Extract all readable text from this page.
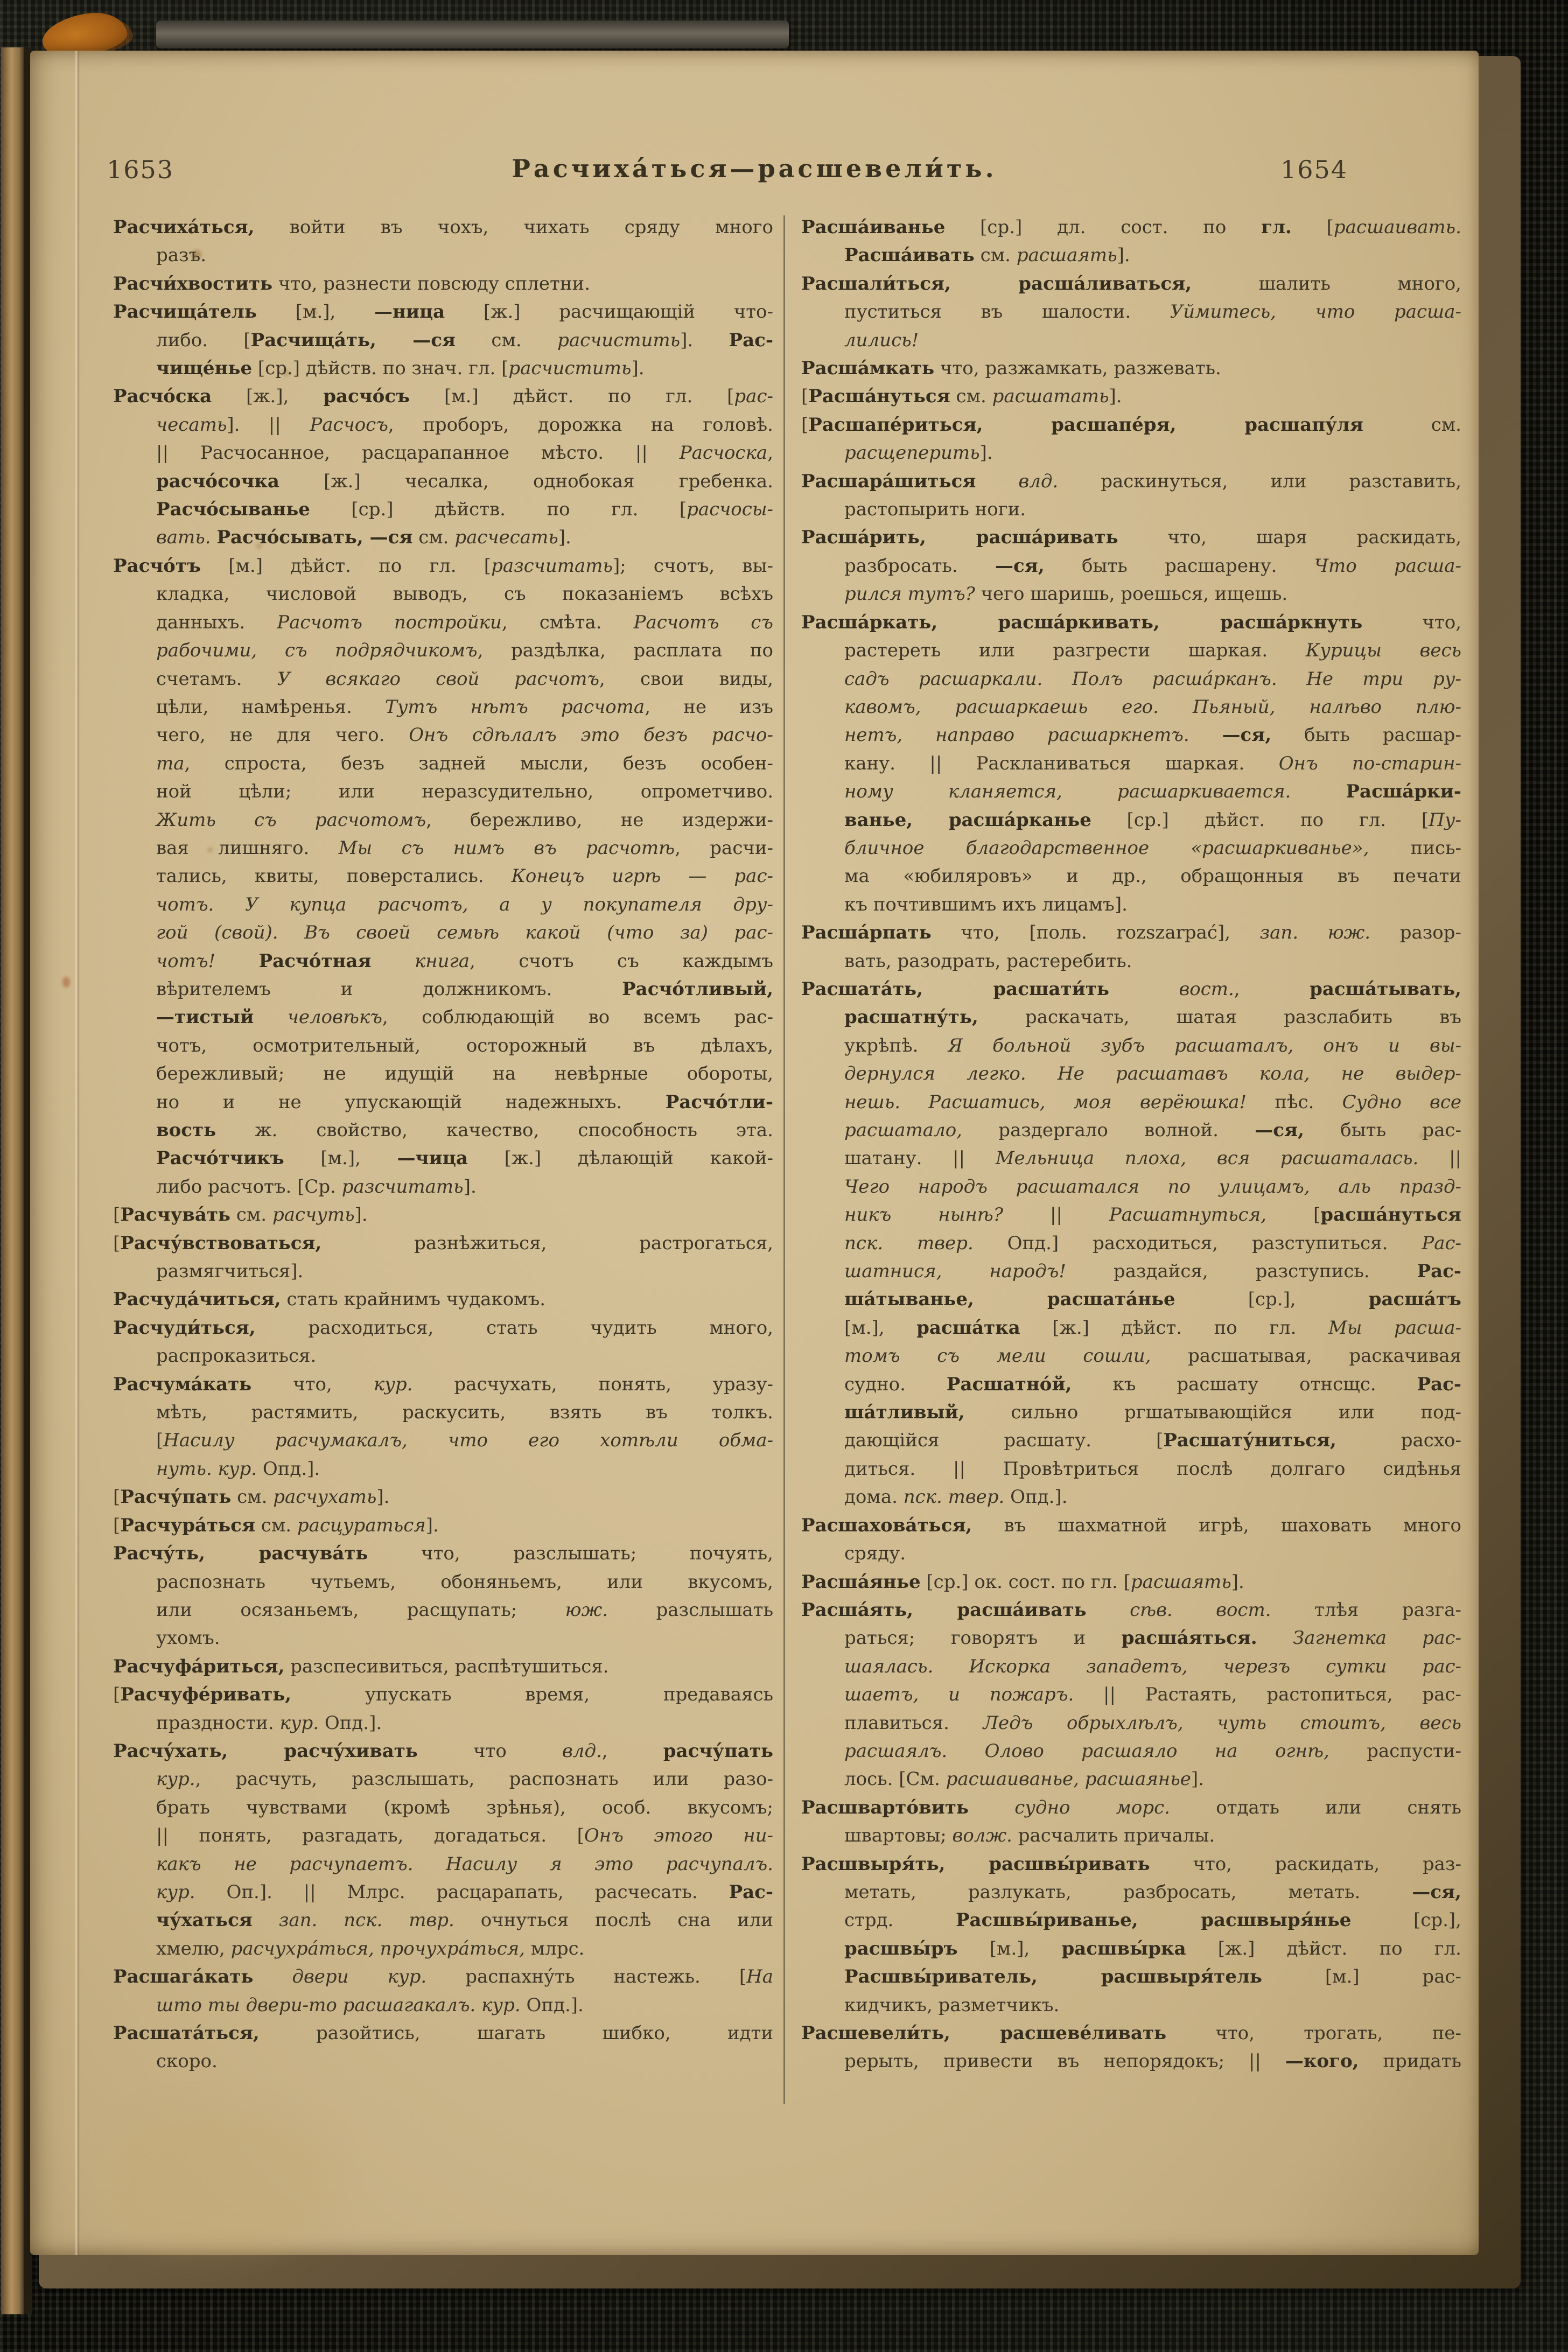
1653	Расчиха́ться—расшевели́ть.	1654
Расчиха́ться, войти въ чохъ, чихать сряду много
разъ.
Расчи́хвостить что, разнести повсюду сплетни.
Расчища́тель [м.], —ница [ж.] расчищающій что-
либо. [Расчища́ть, —ся см. расчистить]. Рас-
чище́нье [ср.] дѣйств. по знач. гл. [расчистить].
Расчо́ска [ж.], расчо́съ [м.] дѣйст. по гл. [рас-
чесать]. || Расчосъ, проборъ, дорожка на головѣ.
|| Расчосанное, расцарапанное мѣсто. || Расчоска,
расчо́сочка [ж.] чесалка, однобокая гребенка.
Расчо́сыванье [ср.] дѣйств. по гл. [расчосы-
вать. Расчо́сывать, —ся см. расчесать].
Расчо́тъ [м.] дѣйст. по гл. [разсчитать]; счотъ, вы-
кладка, числовой выводъ, съ показаніемъ всѣхъ
данныхъ. Расчотъ постройки, смѣта. Расчотъ съ
рабочими, съ подрядчикомъ, раздѣлка, расплата по
счетамъ. У всякаго свой расчотъ, свои виды,
цѣли, намѣренья. Тутъ нѣтъ расчота, не изъ
чего, не для чего. Онъ сдѣлалъ это безъ расчо-
та, спроста, безъ задней мысли, безъ особен-
ной цѣли; или неразсудительно, опрометчиво.
Жить съ расчотомъ, бережливо, не издержи-
вая лишняго. Мы съ нимъ въ расчотѣ, расчи-
тались, квиты, поверстались. Конецъ игрѣ — рас-
чотъ. У купца расчотъ, а у покупателя дру-
гой (свой). Въ своей семьѣ какой (что за) рас-
чотъ! Расчо́тная книга, счотъ съ каждымъ
вѣрителемъ и должникомъ. Расчо́тливый,
—тистый человѣкъ, соблюдающій во всемъ рас-
чотъ, осмотрительный, осторожный въ дѣлахъ,
бережливый; не идущій на невѣрные обороты,
но и не упускающій надежныхъ. Расчо́тли-
вость ж. свойство, качество, способность эта.
Расчо́тчикъ [м.], —чица [ж.] дѣлающій какой-
либо расчотъ. [Ср. разсчитать].
[Расчува́ть см. расчуть].
[Расчу́вствоваться, разнѣжиться, растрогаться,
размягчиться].
Расчуда́читься, стать крайнимъ чудакомъ.
Расчуди́ться, расходиться, стать чудить много,
распроказиться.
Расчума́кать что, кур. расчухать, понять, уразу-
мѣть, растямить, раскусить, взять въ толкъ.
[Насилу расчумакалъ, что его хотѣли обма-
нуть. кур. Опд.].
[Расчу́пать см. расчухать].
[Расчура́ться см. расцураться].
Расчу́ть, расчува́ть что, разслышать; почуять,
распознать чутьемъ, обоняньемъ, или вкусомъ,
или осязаньемъ, расщупать; юж. разслышать
ухомъ.
Расчуфа́риться, разспесивиться, распѣтушиться.
[Расчуфе́ривать, упускать время, предаваясь
праздности. кур. Опд.].
Расчу́хать, расчу́хивать что влд., расчу́пать
кур., расчуть, разслышать, распознать или разо-
брать чувствами (кромѣ зрѣнья), особ. вкусомъ;
|| понять, разгадать, догадаться. [Онъ этого ни-
какъ не расчупаетъ. Насилу я это расчупалъ.
кур. Оп.]. || Млрс. расцарапать, расчесать. Рас-
чу́хаться зап. пск. твр. очнуться послѣ сна или
хмелю, расчухра́ться, прочухра́ться, млрс.
Расшага́кать двери кур. распахну́ть настежь. [На
што ты двери-то расшагакалъ. кур. Опд.].
Расшата́ться, разойтись, шагать шибко, идти
скоро.
Расша́иванье [ср.] дл. сост. по гл. [расшаивать.
Расша́ивать см. расшаять].
Расшали́ться, расша́ливаться, шалить много,
пуститься въ шалости. Уймитесь, что расша-
лились!
Расша́мкать что, разжамкать, разжевать.
[Расша́нуться см. расшатать].
[Расшапе́риться, расшапе́ря, расшапу́ля см.
расщеперить].
Расшара́шиться влд. раскинуться, или разставить,
растопырить ноги.
Расша́рить, расша́ривать что, шаря раскидать,
разбросать. —ся, быть расшарену. Что расша-
рился тутъ? чего шаришь, роешься, ищешь.
Расша́ркать, расша́ркивать, расша́ркнуть что,
растереть или разгрести шаркая. Курицы весь
садъ расшаркали. Полъ расша́рканъ. Не три ру-
кавомъ, расшаркаешь его. Пьяный, налѣво плю-
нетъ, направо расшаркнетъ. —ся, быть расшар-
кану. || Раскланиваться шаркая. Онъ по-старин-
ному кланяется, расшаркивается.	Расша́рки-
ванье, расша́рканье [ср.] дѣйст. по гл. [Пу-
бличное благодарственное «расшаркиванье», пись-
ма «юбиляровъ» и др., обращонныя въ печати
къ почтившимъ ихъ лицамъ].
Расша́рпать что, [поль. rozszarpać], зап. юж. разор-
вать, разодрать, растеребить.
Расшата́ть, расшати́ть	вост., расша́тывать,
расшатну́ть, раскачать, шатая разслабить въ
укрѣпѣ. Я больной зубъ расшаталъ, онъ и вы-
дернулся легко. Не расшатавъ кола, не выдер-
нешь. Расшатись, моя верёюшка! пѣс. Судно все
расшатало, раздергало волной. —ся, быть рас-
шатану. || Мельница плоха, вся расшаталась. ||
Чего народъ расшатался по улицамъ, аль празд-
никъ нынѣ? || Расшатнуться, [расша́нуться
пск. твер. Опд.] расходиться, разступиться. Рас-
шатнися, народъ! раздайся, разступись. Рас-
ша́тыванье, расшата́нье [ср.], расша́тъ
[м.], расша́тка [ж.] дѣйст. по гл. Мы расша-
томъ съ мели сошли, расшатывая, раскачивая
судно. Расшатно́й, къ расшату отнсщс. Рас-
ша́тливый, сильно ргшатывающійся или под-
дающійся расшату. [Расшату́ниться, расхо-
диться. || Провѣтриться послѣ долгаго сидѣнья
дома. пск. твер. Опд.].
Расшахова́ться, въ шахматной игрѣ, шаховать много
сряду.
Расша́янье [ср.] ок. сост. по гл. [расшаять].
Расша́ять, расша́ивать сѣв. вост. тлѣя разга-
раться; говорятъ и расша́яться. Загнетка рас-
шаялась. Искорка западетъ, черезъ сутки рас-
шаетъ, и пожаръ. || Растаять, растопиться, рас-
плавиться. Ледъ обрыхлѣлъ, чуть стоитъ, весь
расшаялъ. Олово расшаяло на огнѣ, распусти-
лось. [См. расшаиванье, расшаянье].
Расшварто́вить	судно	морс. отдать или снять
швартовы; волж. расчалить причалы.
Расшвыря́ть, расшвы́ривать что, раскидать, раз-
метать, разлукать, разбросать, метать. —ся,
стрд. Расшвы́риванье, расшвыря́нье [ср.],
расшвы́ръ [м.], расшвы́рка [ж.] дѣйст. по гл.
Расшвы́риватель, расшвыря́тель [м.] рас-
кидчикъ, разметчикъ.
Расшевели́ть, расшеве́ливать что, трогать, пе-
рерыть, привести въ непорядокъ; || —кого, придать
